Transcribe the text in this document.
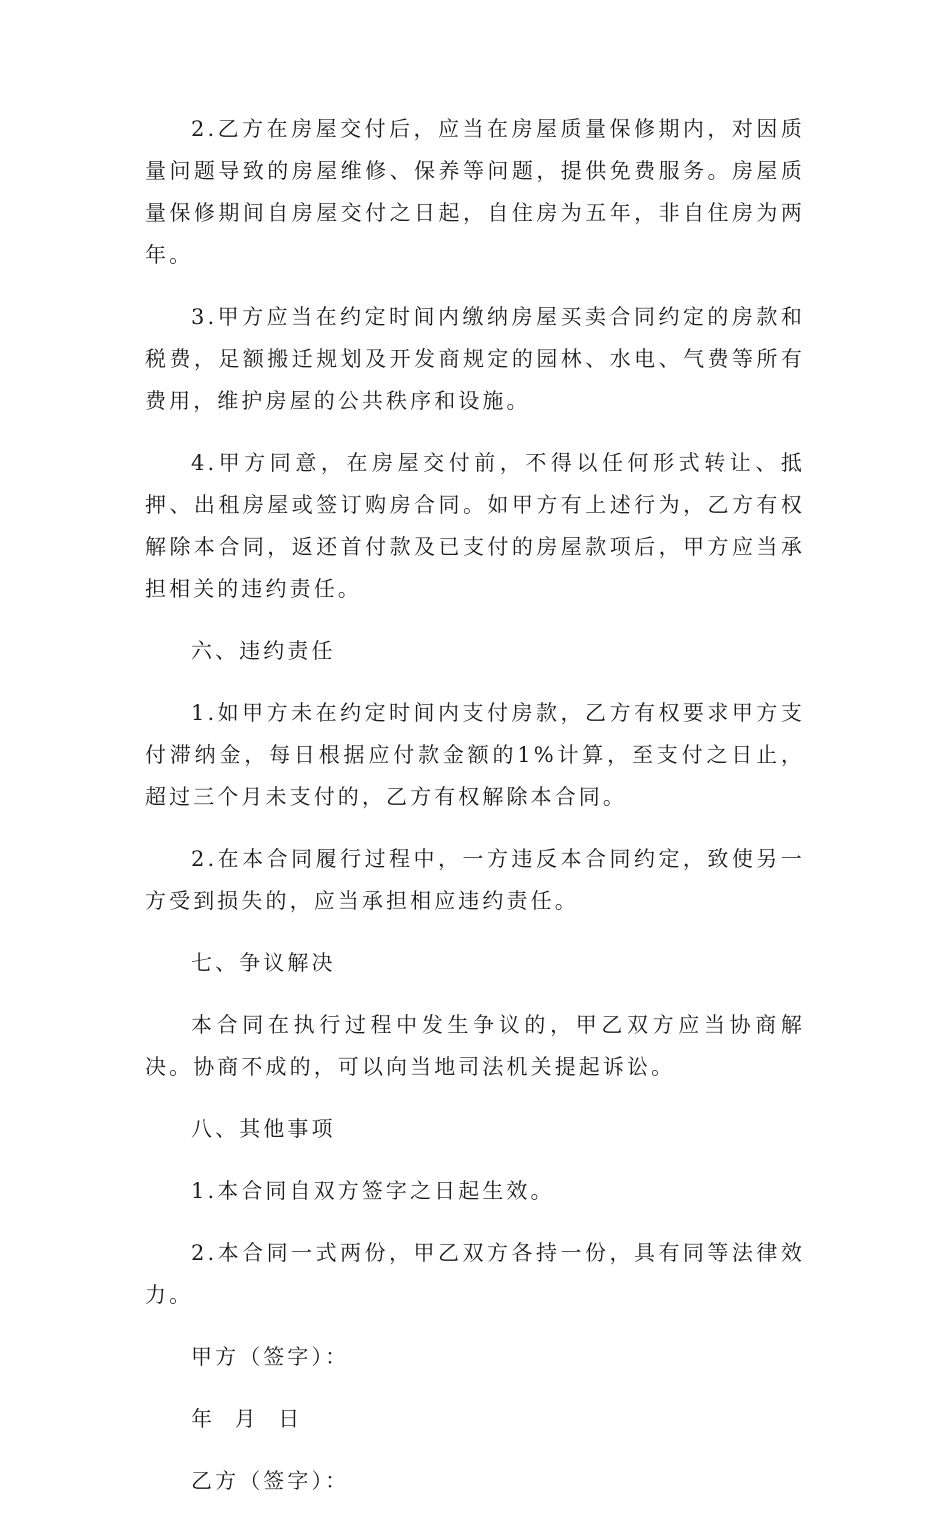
2.乙方在房屋交付后，应当在房屋质量保修期内，对因质量问题导致的房屋维修、保养等问题，提供免费服务。房屋质量保修期间自房屋交付之日起，自住房为五年，非自住房为两年。

3.甲方应当在约定时间内缴纳房屋买卖合同约定的房款和税费，足额搬迁规划及开发商规定的园林、水电、气费等所有费用，维护房屋的公共秩序和设施。

4.甲方同意，在房屋交付前，不得以任何形式转让、抵押、出租房屋或签订购房合同。如甲方有上述行为，乙方有权解除本合同，返还首付款及已支付的房屋款项后，甲方应当承担相关的违约责任。

六、违约责任

1.如甲方未在约定时间内支付房款，乙方有权要求甲方支付滞纳金，每日根据应付款金额的1%计算，至支付之日止，超过三个月未支付的，乙方有权解除本合同。

2.在本合同履行过程中，一方违反本合同约定，致使另一方受到损失的，应当承担相应违约责任。

七、争议解决

本合同在执行过程中发生争议的，甲乙双方应当协商解决。协商不成的，可以向当地司法机关提起诉讼。

八、其他事项

1.本合同自双方签字之日起生效。

2.本合同一式两份，甲乙双方各持一份，具有同等法律效力。

甲方（签字）：

年  月  日

乙方（签字）：
